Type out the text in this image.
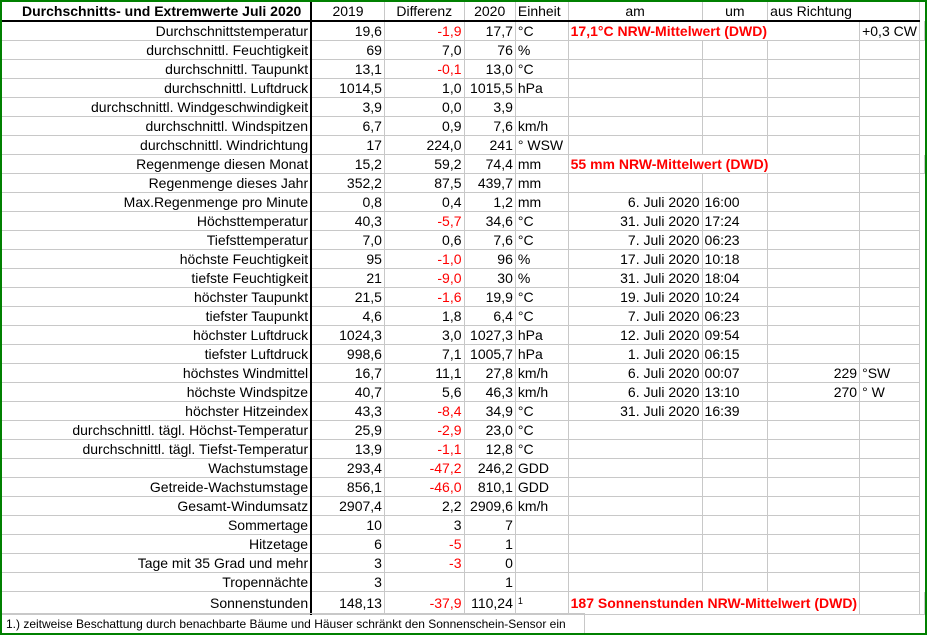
Durchschnitts- und Extremwerte Juli 2020	2019	Differenz	2020	Einheit	am	um	aus Richtung		
Durchschnittstemperatur	19,6	-1,9	17,7	°C	17,1°C NRW-Mittelwert (DWD)			+0,3 CW	
durchschnittl. Feuchtigkeit	69	7,0	76	%					
durchschnittl. Taupunkt	13,1	-0,1	13,0	°C					
durchschnittl. Luftdruck	1014,5	1,0	1015,5	hPa					
durchschnittl. Windgeschwindigkeit	3,9	0,0	3,9						
durchschnittl. Windspitzen	6,7	0,9	7,6	km/h					
durchschnittl. Windrichtung	17	224,0	241	° WSW					
Regenmenge diesen Monat	15,2	59,2	74,4	mm	55 mm NRW-Mittelwert (DWD)				
Regenmenge dieses Jahr	352,2	87,5	439,7	mm					
Max.Regenmenge pro Minute	0,8	0,4	1,2	mm	6. Juli 2020	16:00			
Höchsttemperatur	40,3	-5,7	34,6	°C	31. Juli 2020	17:24			
Tiefsttemperatur	7,0	0,6	7,6	°C	7. Juli 2020	06:23			
höchste Feuchtigkeit	95	-1,0	96	%	17. Juli 2020	10:18			
tiefste Feuchtigkeit	21	-9,0	30	%	31. Juli 2020	18:04			
höchster Taupunkt	21,5	-1,6	19,9	°C	19. Juli 2020	10:24			
tiefster Taupunkt	4,6	1,8	6,4	°C	7. Juli 2020	06:23			
höchster Luftdruck	1024,3	3,0	1027,3	hPa	12. Juli 2020	09:54			
tiefster Luftdruck	998,6	7,1	1005,7	hPa	1. Juli 2020	06:15			
höchstes Windmittel	16,7	11,1	27,8	km/h	6. Juli 2020	00:07	229	°SW	
höchste Windspitze	40,7	5,6	46,3	km/h	6. Juli 2020	13:10	270	° W	
höchster Hitzeindex	43,3	-8,4	34,9	°C	31. Juli 2020	16:39			
durchschnittl. tägl. Höchst-Temperatur	25,9	-2,9	23,0	°C					
durchschnittl. tägl. Tiefst-Temperatur	13,9	-1,1	12,8	°C					
Wachstumstage	293,4	-47,2	246,2	GDD					
Getreide-Wachstumstage	856,1	-46,0	810,1	GDD					
Gesamt-Windumsatz	2907,4	2,2	2909,6	km/h					
Sommertage	10	3	7						
Hitzetage	6	-5	1						
Tage mit 35 Grad und mehr	3	-3	0						
Tropennächte	3		1						
Sonnenstunden	148,13	-37,9	110,24	$^1$	187 Sonnenstunden NRW-Mittelwert (DWD)				
1.) zeitweise Beschattung durch benachbarte Bäume und Häuser schränkt den Sonnenschein-Sensor ein
